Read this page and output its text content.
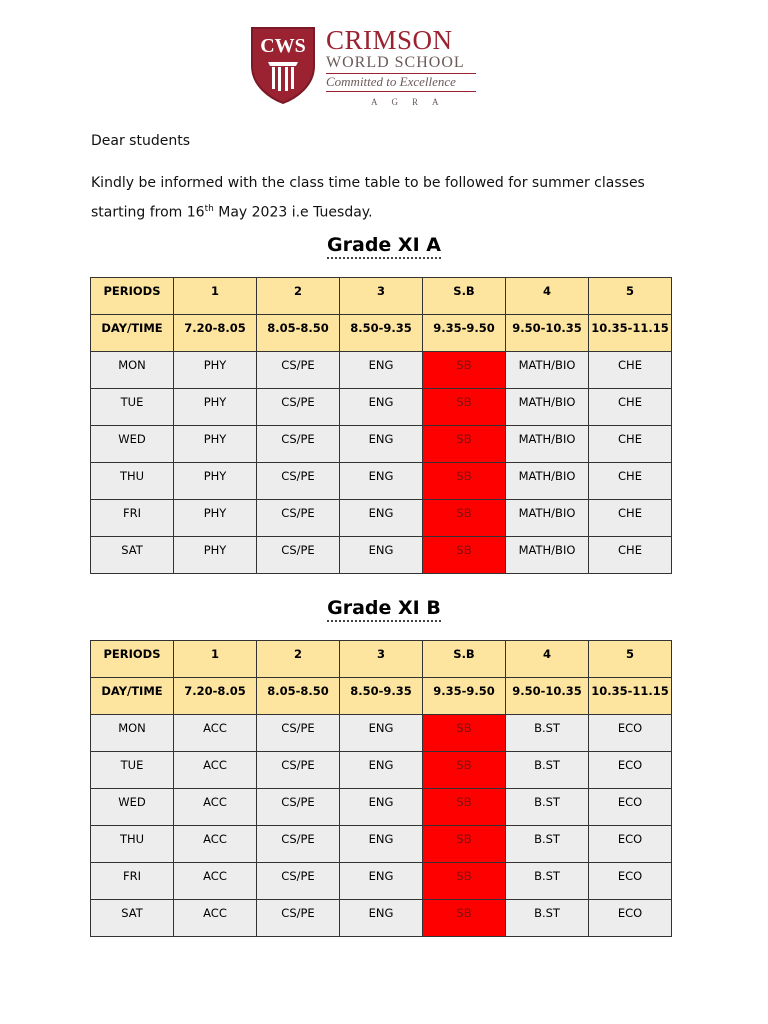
CWS CRIMSON

WORLD SCHOOL

Committed to Excellence

AGRA

Dear students
Kindly be informed with the class time table to be followed for summer classes
starting from 16th May 2023 i.e Tuesday.
Grade XI A
PERIODS	1	2	3	S.B	4	5
DAY/TIME	7.20-8.05	8.05-8.50	8.50-9.35	9.35-9.50	9.50-10.35	10.35-11.15
MON	PHY	CS/PE	ENG	SB	MATH/BIO	CHE
TUE	PHY	CS/PE	ENG	SB	MATH/BIO	CHE
WED	PHY	CS/PE	ENG	SB	MATH/BIO	CHE
THU	PHY	CS/PE	ENG	SB	MATH/BIO	CHE
FRI	PHY	CS/PE	ENG	SB	MATH/BIO	CHE
SAT	PHY	CS/PE	ENG	SB	MATH/BIO	CHE
Grade XI B
PERIODS	1	2	3	S.B	4	5
DAY/TIME	7.20-8.05	8.05-8.50	8.50-9.35	9.35-9.50	9.50-10.35	10.35-11.15
MON	ACC	CS/PE	ENG	SB	B.ST	ECO
TUE	ACC	CS/PE	ENG	SB	B.ST	ECO
WED	ACC	CS/PE	ENG	SB	B.ST	ECO
THU	ACC	CS/PE	ENG	SB	B.ST	ECO
FRI	ACC	CS/PE	ENG	SB	B.ST	ECO
SAT	ACC	CS/PE	ENG	SB	B.ST	ECO
